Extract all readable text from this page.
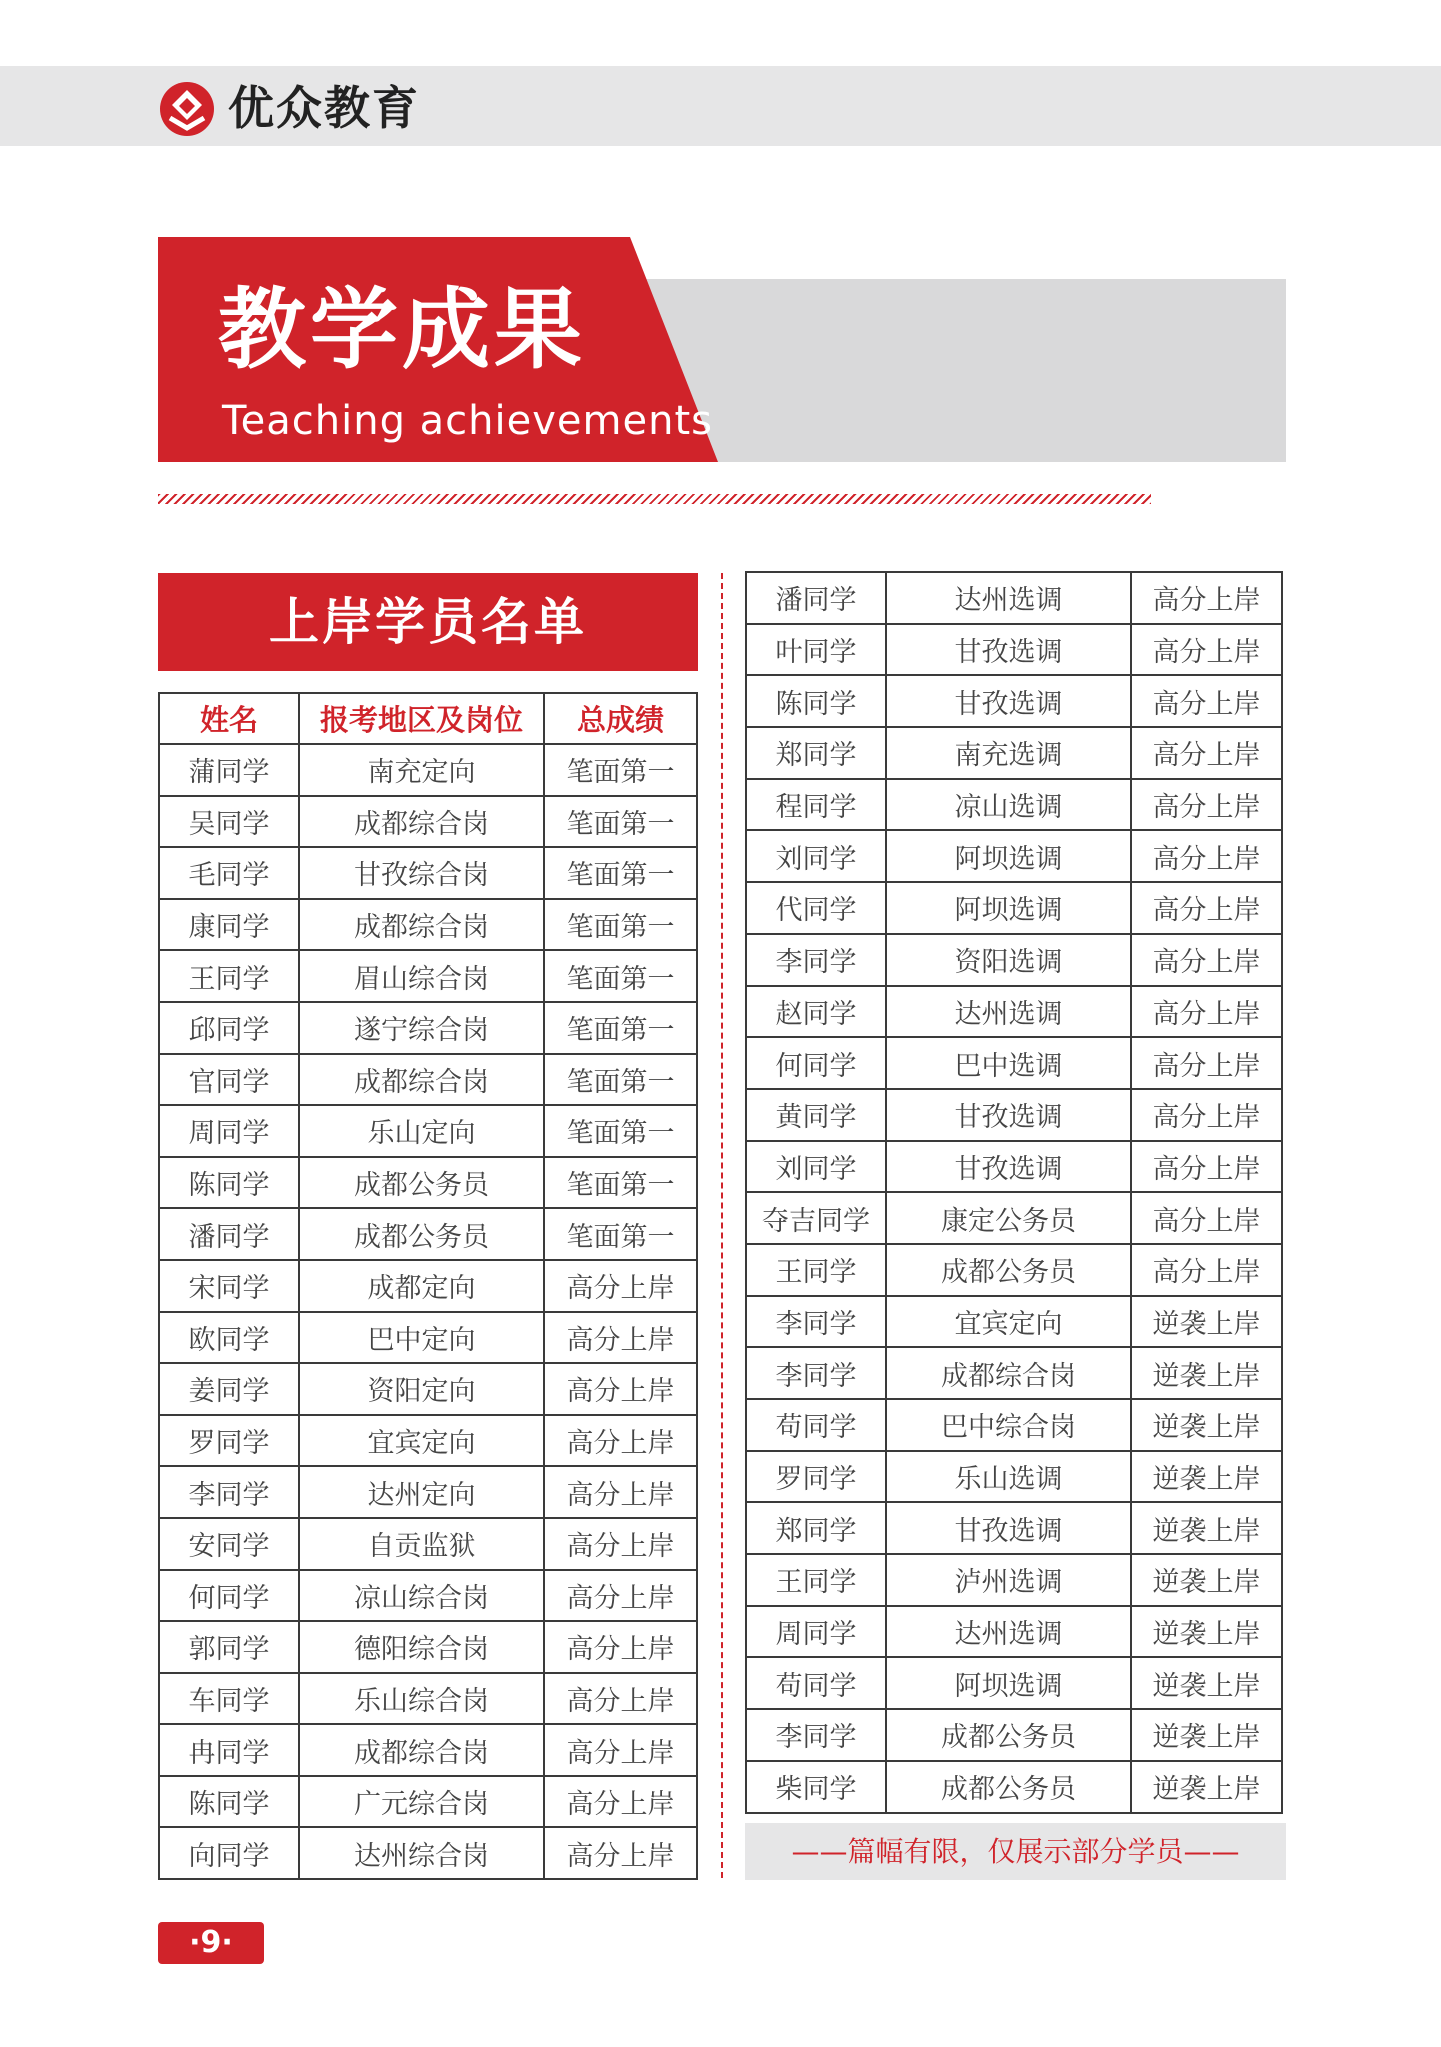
优众教育
教学成果
Teaching achievements
上岸学员名单
姓名	报考地区及岗位	总成绩
蒲同学	南充定向	笔面第一
吴同学	成都综合岗	笔面第一
毛同学	甘孜综合岗	笔面第一
康同学	成都综合岗	笔面第一
王同学	眉山综合岗	笔面第一
邱同学	遂宁综合岗	笔面第一
官同学	成都综合岗	笔面第一
周同学	乐山定向	笔面第一
陈同学	成都公务员	笔面第一
潘同学	成都公务员	笔面第一
宋同学	成都定向	高分上岸
欧同学	巴中定向	高分上岸
姜同学	资阳定向	高分上岸
罗同学	宜宾定向	高分上岸
李同学	达州定向	高分上岸
安同学	自贡监狱	高分上岸
何同学	凉山综合岗	高分上岸
郭同学	德阳综合岗	高分上岸
车同学	乐山综合岗	高分上岸
冉同学	成都综合岗	高分上岸
陈同学	广元综合岗	高分上岸
向同学	达州综合岗	高分上岸
潘同学	达州选调	高分上岸
叶同学	甘孜选调	高分上岸
陈同学	甘孜选调	高分上岸
郑同学	南充选调	高分上岸
程同学	凉山选调	高分上岸
刘同学	阿坝选调	高分上岸
代同学	阿坝选调	高分上岸
李同学	资阳选调	高分上岸
赵同学	达州选调	高分上岸
何同学	巴中选调	高分上岸
黄同学	甘孜选调	高分上岸
刘同学	甘孜选调	高分上岸
夺吉同学	康定公务员	高分上岸
王同学	成都公务员	高分上岸
李同学	宜宾定向	逆袭上岸
李同学	成都综合岗	逆袭上岸
苟同学	巴中综合岗	逆袭上岸
罗同学	乐山选调	逆袭上岸
郑同学	甘孜选调	逆袭上岸
王同学	泸州选调	逆袭上岸
周同学	达州选调	逆袭上岸
苟同学	阿坝选调	逆袭上岸
李同学	成都公务员	逆袭上岸
柴同学	成都公务员	逆袭上岸
——篇幅有限，仅展示部分学员——
·9·
